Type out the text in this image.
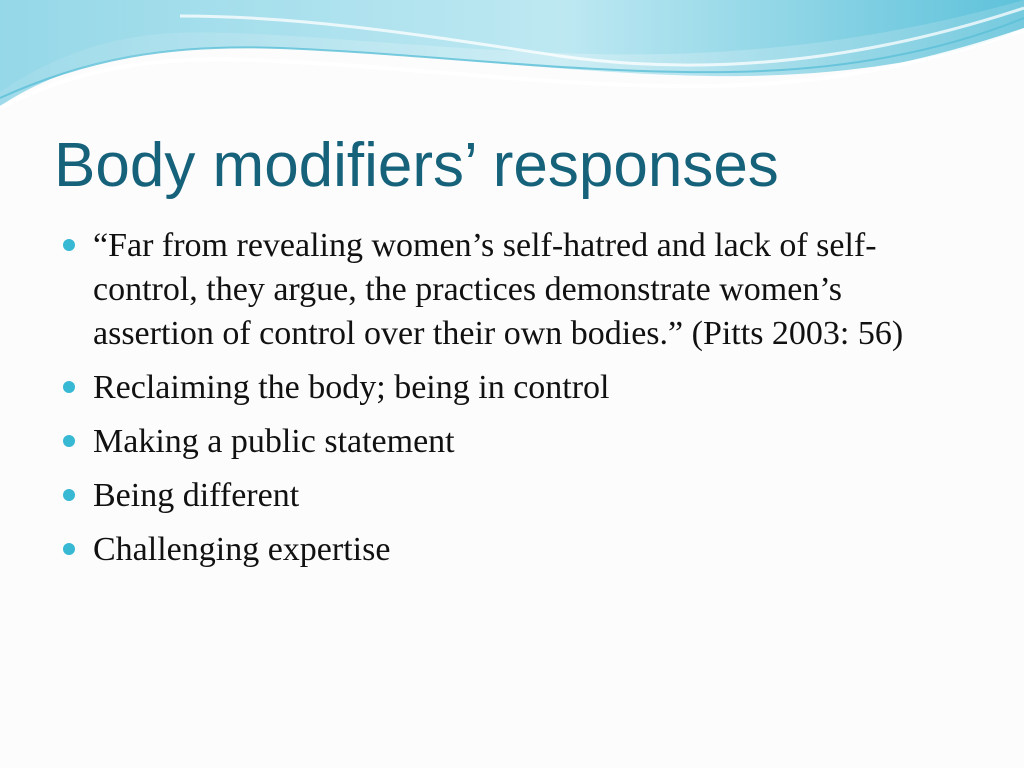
Body modifiers’ responses
“Far from revealing women’s self-hatred and lack of self-control, they argue, the practices demonstrate women’s assertion of control over their own bodies.” (Pitts 2003: 56)
Reclaiming the body; being in control
Making a public statement
Being different
Challenging expertise
